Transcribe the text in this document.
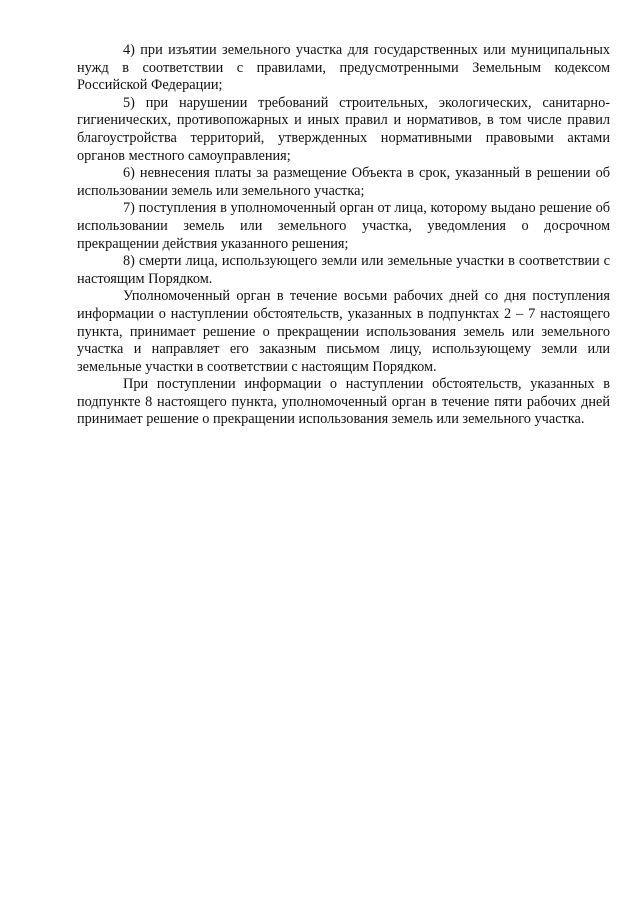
4) при изъятии земельного участка для государственных или муниципальных нужд в соответствии с правилами, предусмотренными Земельным кодексом Российской Федерации;

5) при нарушении требований строительных, экологических, санитарно-гигиенических, противопожарных и иных правил и нормативов, в том числе правил благоустройства территорий, утвержденных нормативными правовыми актами органов местного самоуправления;

6) невнесения платы за размещение Объекта в срок, указанный в решении об использовании земель или земельного участка;

7) поступления в уполномоченный орган от лица, которому выдано решение об использовании земель или земельного участка, уведомления о досрочном прекращении действия указанного решения;

8) смерти лица, использующего земли или земельные участки в соответствии с настоящим Порядком.

Уполномоченный орган в течение восьми рабочих дней со дня поступления информации о наступлении обстоятельств, указанных в подпунктах 2 – 7 настоящего пункта, принимает решение о прекращении использования земель или земельного участка и направляет его заказным письмом лицу, использующему земли или земельные участки в соответствии с настоящим Порядком.

При поступлении информации о наступлении обстоятельств, указанных в подпункте 8 настоящего пункта, уполномоченный орган в течение пяти рабочих дней принимает решение о прекращении использования земель или земельного участка.
